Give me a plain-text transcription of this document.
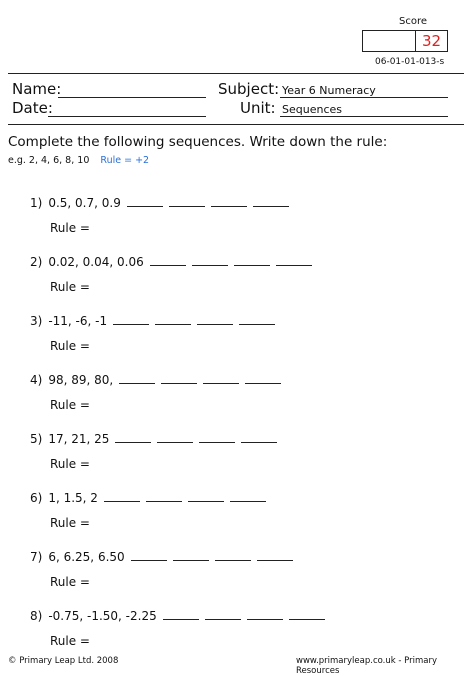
Score
32
06-01-01-013-s
Name:	Subject: Year 6 Numeracy
Date:	Unit: Sequences
Complete the following sequences. Write down the rule:
e.g. 2, 4, 6, 8, 10 Rule = +2
1) 0.5, 0.7, 0.9
Rule =
2) 0.02, 0.04, 0.06
Rule =
3) -11, -6, -1
Rule =
4) 98, 89, 80,
Rule =
5) 17, 21, 25
Rule =
6) 1, 1.5, 2
Rule =
7) 6, 6.25, 6.50
Rule =
8) -0.75, -1.50, -2.25
Rule =
© Primary Leap Ltd. 2008	www.primaryleap.co.uk - Primary Resources
